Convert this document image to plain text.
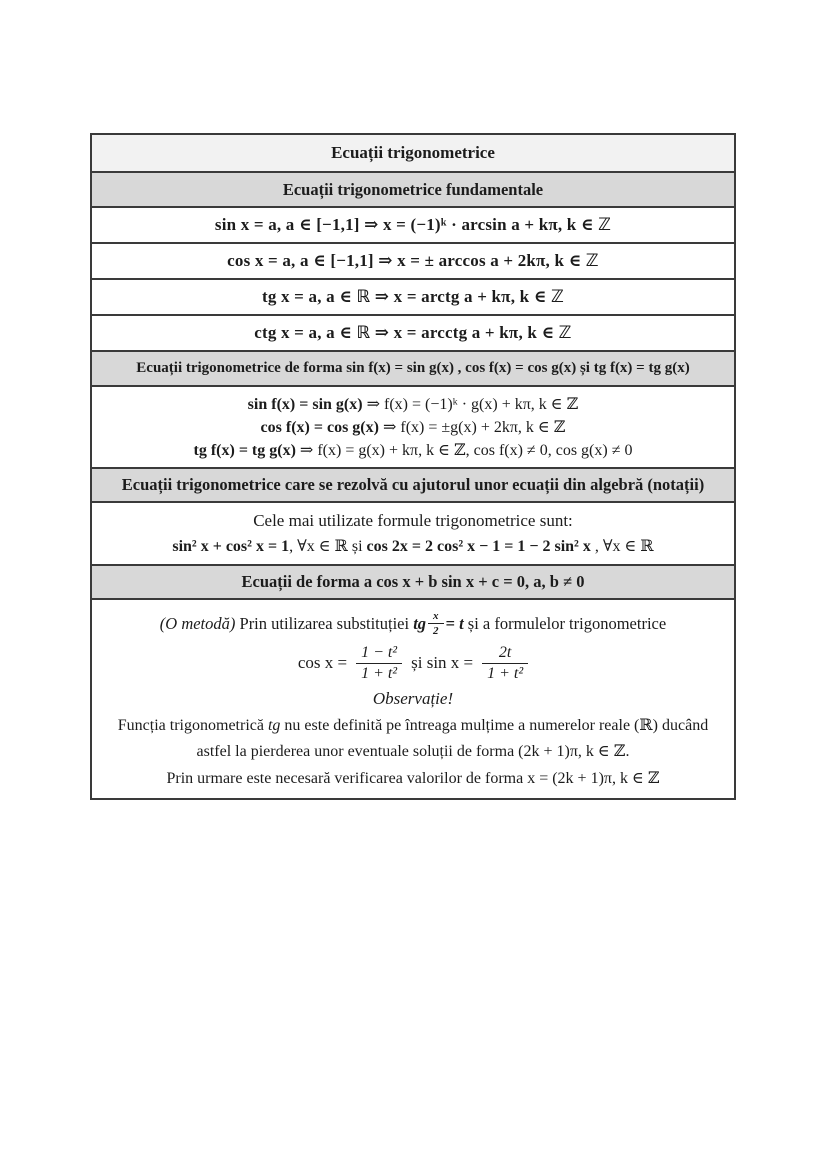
Ecuații trigonometrice
Ecuații trigonometrice fundamentale
sin x = a, a ∈ [−1,1] ⇒ x = (−1)ᵏ · arcsin a + kπ, k ∈ ℤ
cos x = a, a ∈ [−1,1] ⇒ x = ± arccos a + 2kπ, k ∈ ℤ
tg x = a, a ∈ ℝ ⇒ x = arctg a + kπ, k ∈ ℤ
ctg x = a, a ∈ ℝ ⇒ x = arcctg a + kπ, k ∈ ℤ
Ecuații trigonometrice de forma sin f(x) = sin g(x) , cos f(x) = cos g(x) și tg f(x) = tg g(x)
sin f(x) = sin g(x) ⇒ f(x) = (−1)ᵏ · g(x) + kπ, k ∈ ℤ
cos f(x) = cos g(x) ⇒ f(x) = ±g(x) + 2kπ, k ∈ ℤ
tg f(x) = tg g(x) ⇒ f(x) = g(x) + kπ, k ∈ ℤ, cos f(x) ≠ 0, cos g(x) ≠ 0
Ecuații trigonometrice care se rezolvă cu ajutorul unor ecuații din algebră (notații)
Cele mai utilizate formule trigonometrice sunt:
sin² x + cos² x = 1, ∀x ∈ ℝ și cos 2x = 2 cos² x − 1 = 1 − 2 sin² x , ∀x ∈ ℝ
Ecuații de forma a cos x + b sin x + c = 0, a, b ≠ 0
(O metodă) Prin utilizarea substituției tg $\frac{x}{2} = t$ și a formulelor trigonometrice
$\cos x = \frac{\text{1 − t²}}{\text{1 + t²}}$ și $\sin x = \frac{2t}{\text{1 + t²}}$
Observație!
Funcția trigonometrică tg nu este definită pe întreaga mulțime a numerelor reale (ℝ) ducând
astfel la pierderea unor eventuale soluții de forma (2k + 1)π, k ∈ ℤ.
Prin urmare este necesară verificarea valorilor de forma x = (2k + 1)π, k ∈ ℤ
